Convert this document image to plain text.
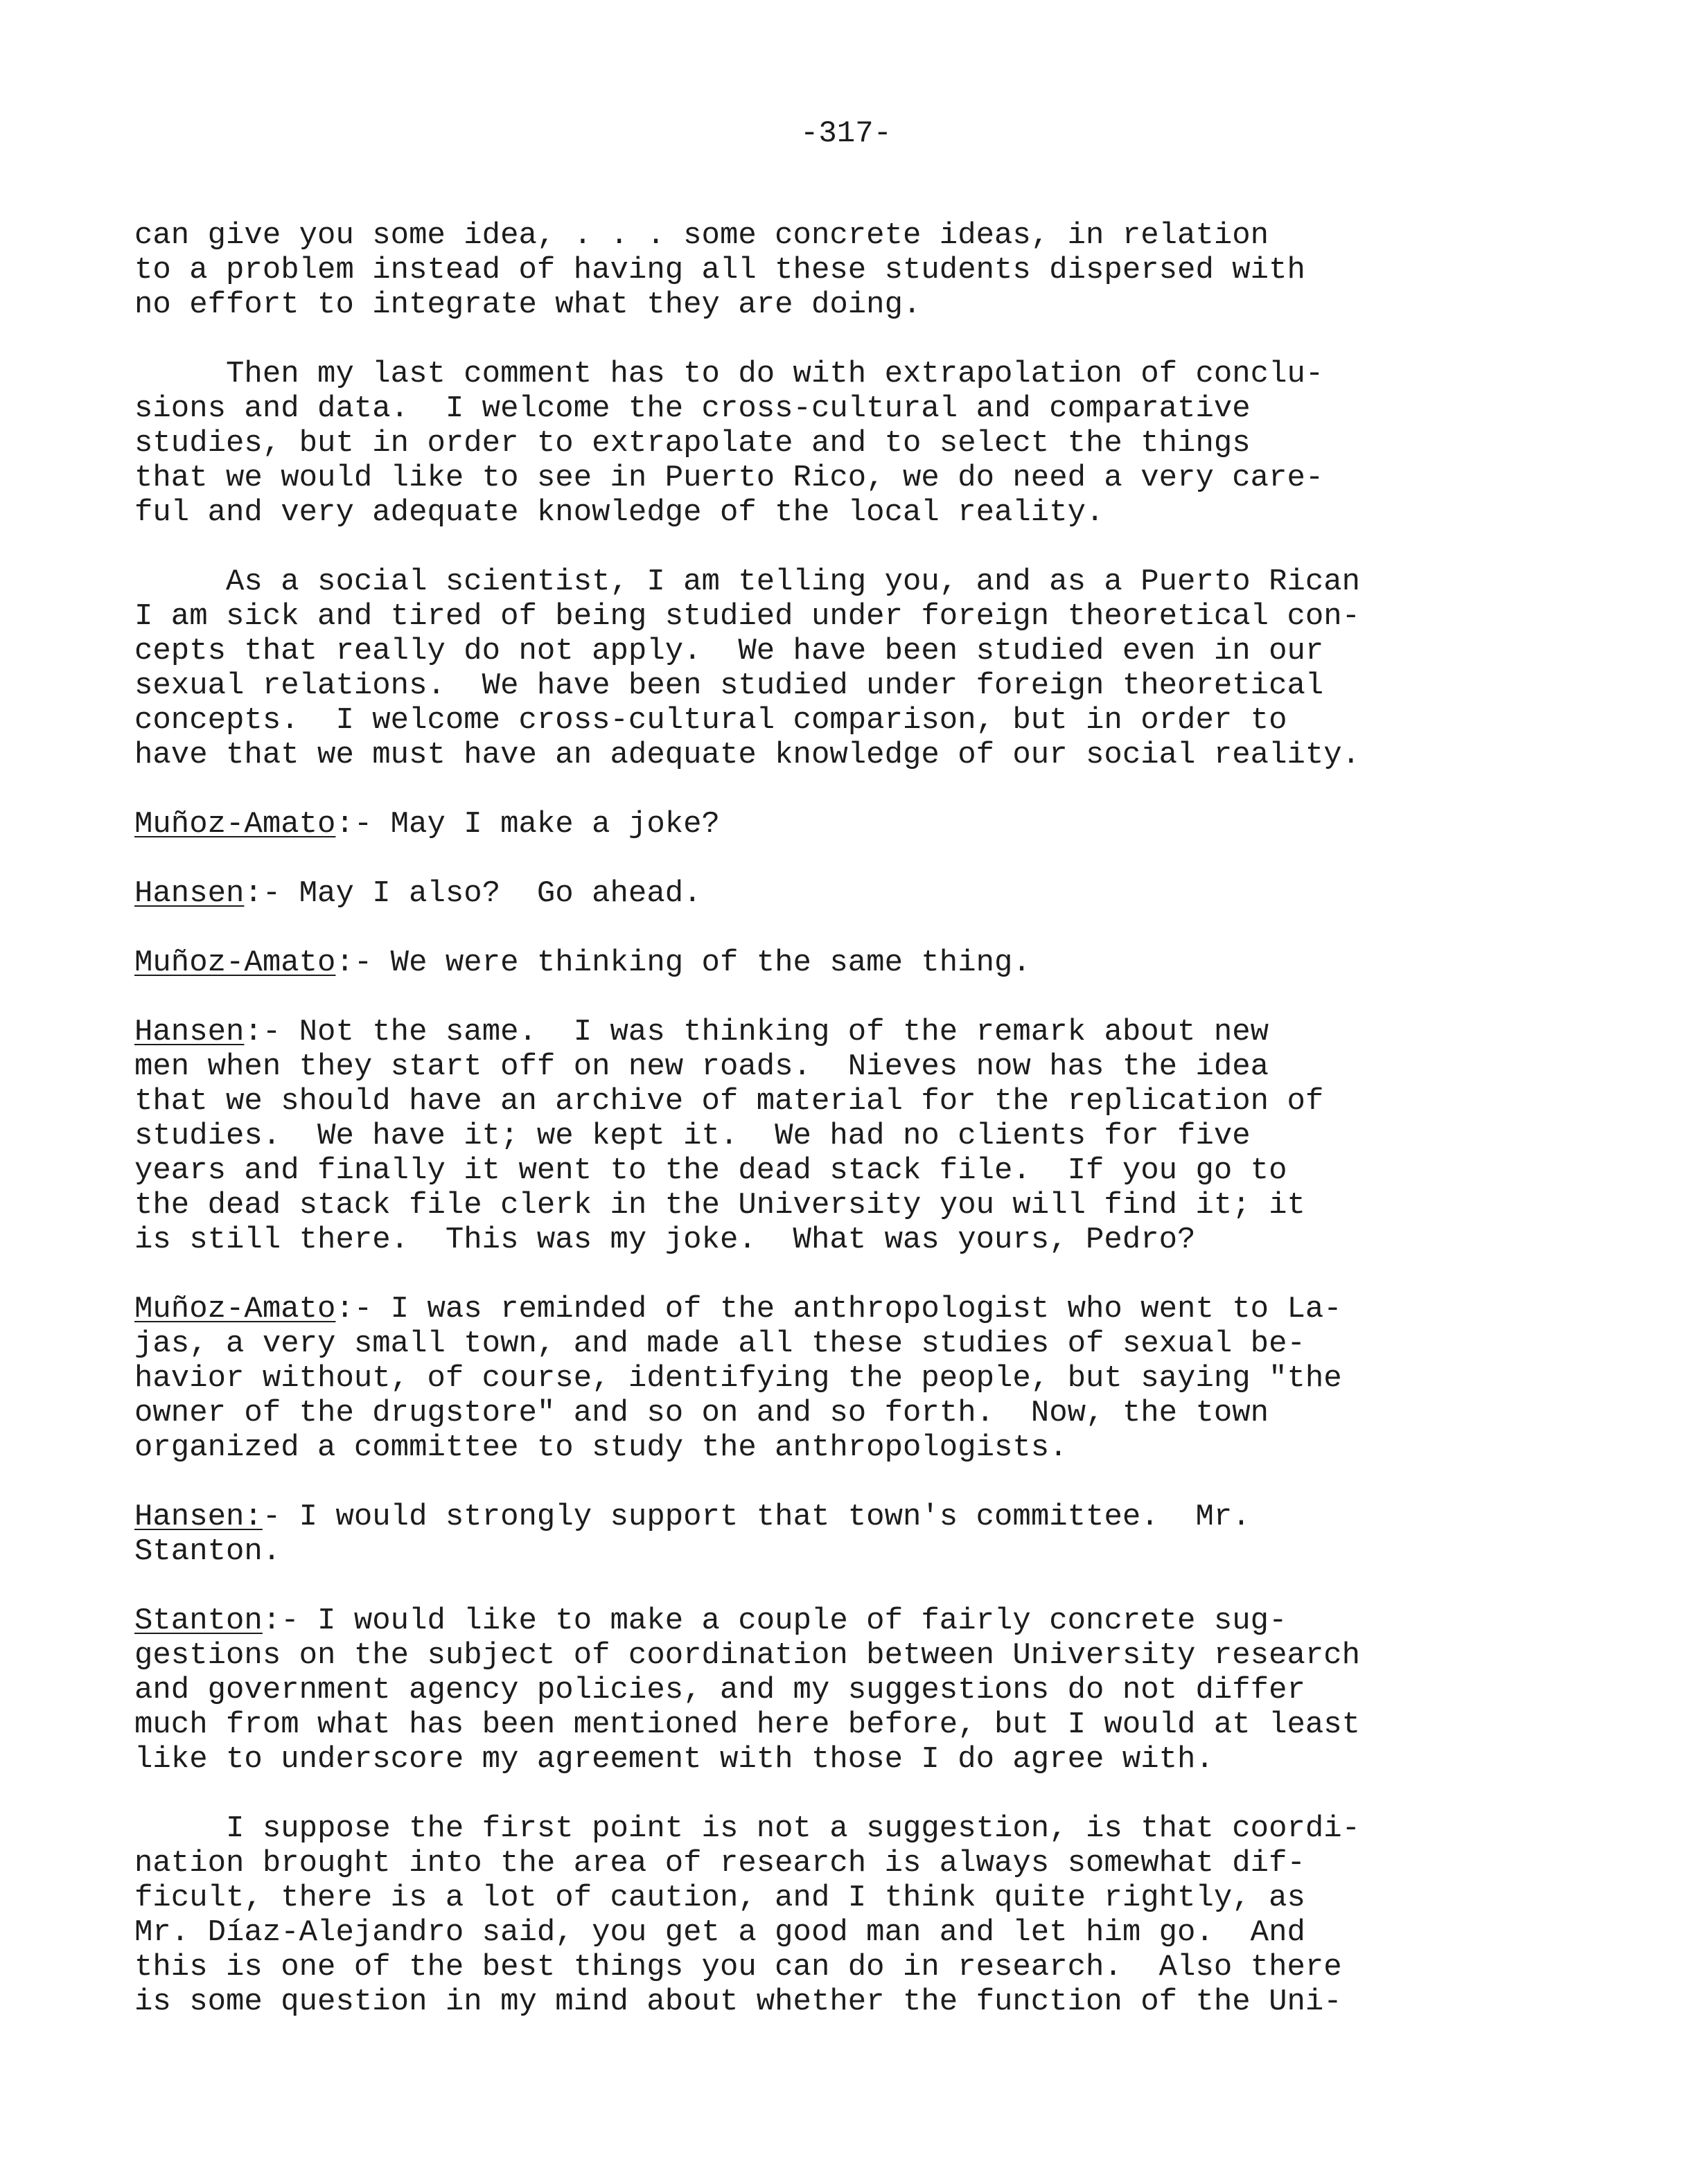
-317-
can give you some idea, . . . some concrete ideas, in relation
to a problem instead of having all these students dispersed with
no effort to integrate what they are doing.
Then my last comment has to do with extrapolation of conclu-
sions and data.  I welcome the cross-cultural and comparative
studies, but in order to extrapolate and to select the things
that we would like to see in Puerto Rico, we do need a very care-
ful and very adequate knowledge of the local reality.
As a social scientist, I am telling you, and as a Puerto Rican
I am sick and tired of being studied under foreign theoretical con-
cepts that really do not apply.  We have been studied even in our
sexual relations.  We have been studied under foreign theoretical
concepts.  I welcome cross-cultural comparison, but in order to
have that we must have an adequate knowledge of our social reality.
Muñoz-Amato:- May I make a joke?
Hansen:- May I also?  Go ahead.
Muñoz-Amato:- We were thinking of the same thing.
Hansen:- Not the same.  I was thinking of the remark about new
men when they start off on new roads.  Nieves now has the idea
that we should have an archive of material for the replication of
studies.  We have it; we kept it.  We had no clients for five
years and finally it went to the dead stack file.  If you go to
the dead stack file clerk in the University you will find it; it
is still there.  This was my joke.  What was yours, Pedro?
Muñoz-Amato:- I was reminded of the anthropologist who went to La-
jas, a very small town, and made all these studies of sexual be-
havior without, of course, identifying the people, but saying "the
owner of the drugstore" and so on and so forth.  Now, the town
organized a committee to study the anthropologists.
Hansen:- I would strongly support that town's committee.  Mr.
Stanton.
Stanton:- I would like to make a couple of fairly concrete sug-
gestions on the subject of coordination between University research
and government agency policies, and my suggestions do not differ
much from what has been mentioned here before, but I would at least
like to underscore my agreement with those I do agree with.
I suppose the first point is not a suggestion, is that coordi-
nation brought into the area of research is always somewhat dif-
ficult, there is a lot of caution, and I think quite rightly, as
Mr. Díaz-Alejandro said, you get a good man and let him go.  And
this is one of the best things you can do in research.  Also there
is some question in my mind about whether the function of the Uni-
